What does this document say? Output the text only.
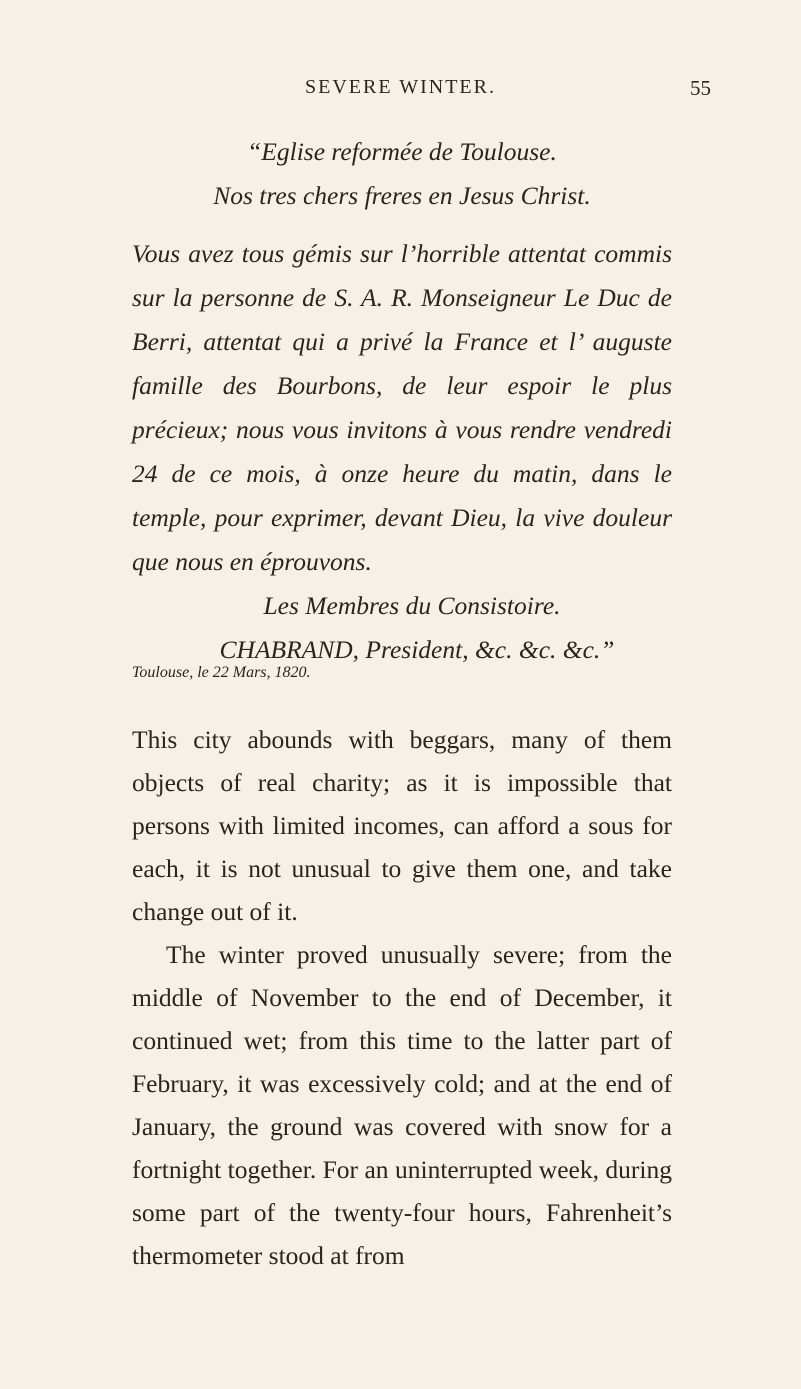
SEVERE WINTER.	55

“Eglise reformée de Toulouse.

Nos tres chers freres en Jesus Christ.

Vous avez tous gémis sur l’horrible attentat commis sur la personne de S. A. R. Monseigneur Le Duc de Berri, attentat qui a privé la France et l’ auguste famille des Bourbons, de leur espoir le plus précieux; nous vous invitons à vous rendre vendredi 24 de ce mois, à onze heure du matin, dans le temple, pour exprimer, devant Dieu, la vive douleur que nous en éprouvons.

Les Membres du Consistoire.

CHABRAND, President, &c. &c. &c.”

Toulouse, le 22 Mars, 1820.

This city abounds with beggars, many of them objects of real charity; as it is impossible that persons with limited incomes, can afford a sous for each, it is not unusual to give them one, and take change out of it.

The winter proved unusually severe; from the middle of November to the end of December, it continued wet; from this time to the latter part of February, it was excessively cold; and at the end of January, the ground was covered with snow for a fortnight together. For an uninterrupted week, during some part of the twenty-four hours, Fahrenheit’s thermometer stood at from
